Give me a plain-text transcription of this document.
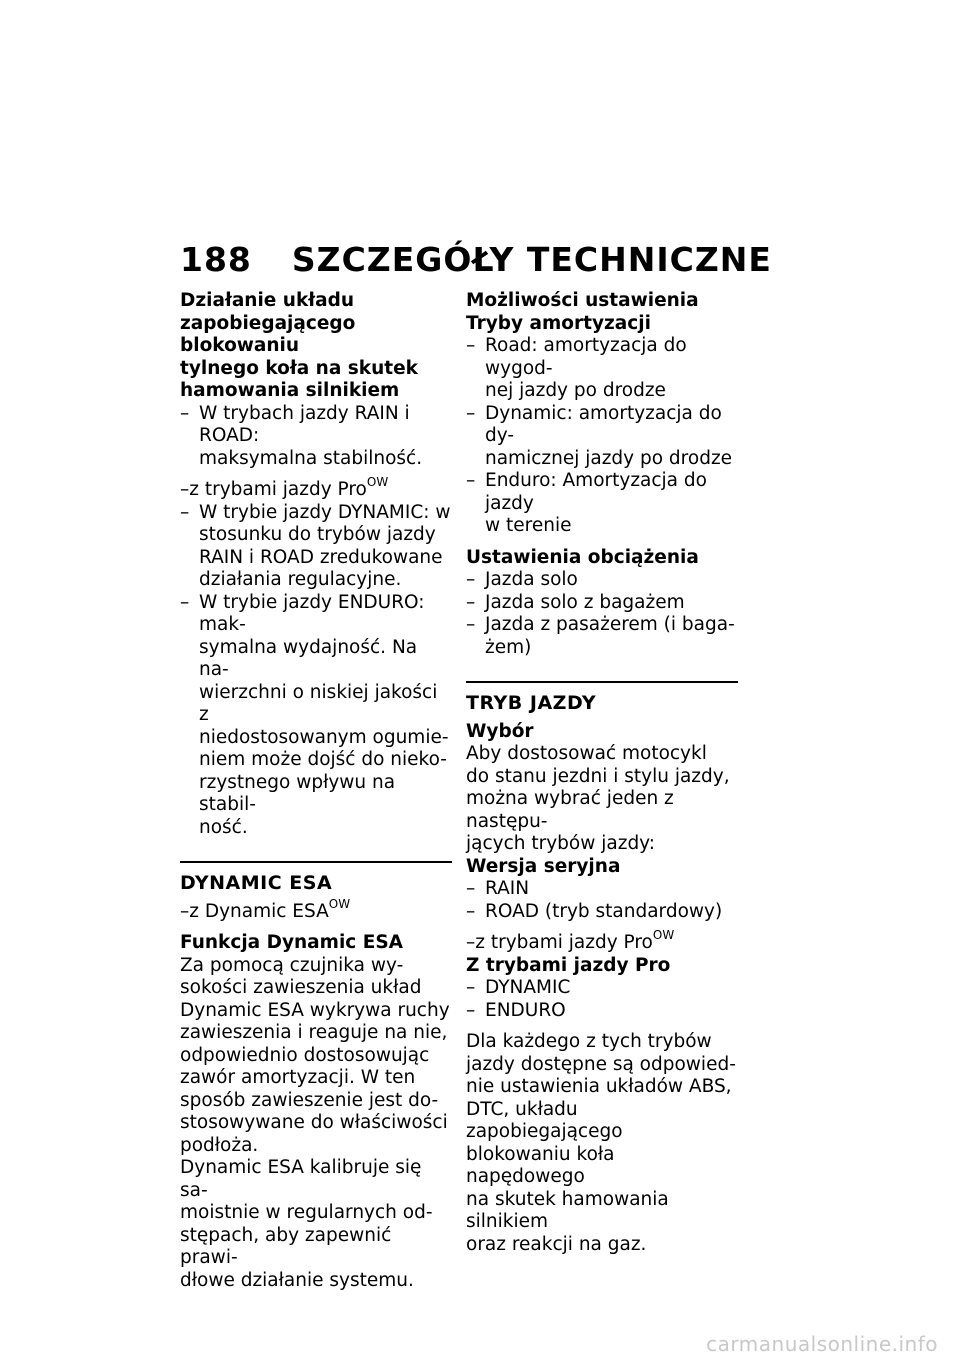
188 SZCZEGÓŁY TECHNICZNE
Działanie układu
zapobiegającego blokowaniu
tylnego koła na skutek
hamowania silnikiem
– W trybach jazdy RAIN i ROAD:
maksymalna stabilność.
–z trybami jazdy Pro$^{OW}$
– W trybie jazdy DYNAMIC: w
stosunku do trybów jazdy
RAIN i ROAD zredukowane
działania regulacyjne.
– W trybie jazdy ENDURO: mak-
symalna wydajność. Na na-
wierzchni o niskiej jakości z
niedostosowanym ogumie-
niem może dojść do nieko-
rzystnego wpływu na stabil-
ność.
DYNAMIC ESA
–z Dynamic $ESA^{OW}$
Funkcja Dynamic ESA
Za pomocą czujnika wy-
sokości zawieszenia układ
Dynamic ESA wykrywa ruchy
zawieszenia i reaguje na nie,
odpowiednio dostosowując
zawór amortyzacji. W ten
sposób zawieszenie jest do-
stosowywane do właściwości
podłoża.
Dynamic ESA kalibruje się sa-
moistnie w regularnych od-
stępach, aby zapewnić prawi-
dłowe działanie systemu.
Możliwości ustawienia
Tryby amortyzacji
– Road: amortyzacja do wygod-
nej jazdy po drodze
– Dynamic: amortyzacja do dy-
namicznej jazdy po drodze
– Enduro: Amortyzacja do jazdy
w terenie
Ustawienia obciążenia
– Jazda solo
– Jazda solo z bagażem
– Jazda z pasażerem (i baga-
żem)
TRYB JAZDY
Wybór
Aby dostosować motocykl
do stanu jezdni i stylu jazdy,
można wybrać jeden z następu-
jących trybów jazdy:
Wersja seryjna
– RAIN
– ROAD (tryb standardowy)
–z trybami jazdy Pro$^{OW}$
Z trybami jazdy Pro
– DYNAMIC
– ENDURO
Dla każdego z tych trybów
jazdy dostępne są odpowied-
nie ustawienia układów ABS,
DTC, układu zapobiegającego
blokowaniu koła napędowego
na skutek hamowania silnikiem
oraz reakcji na gaz.
carmanualsonline.info
